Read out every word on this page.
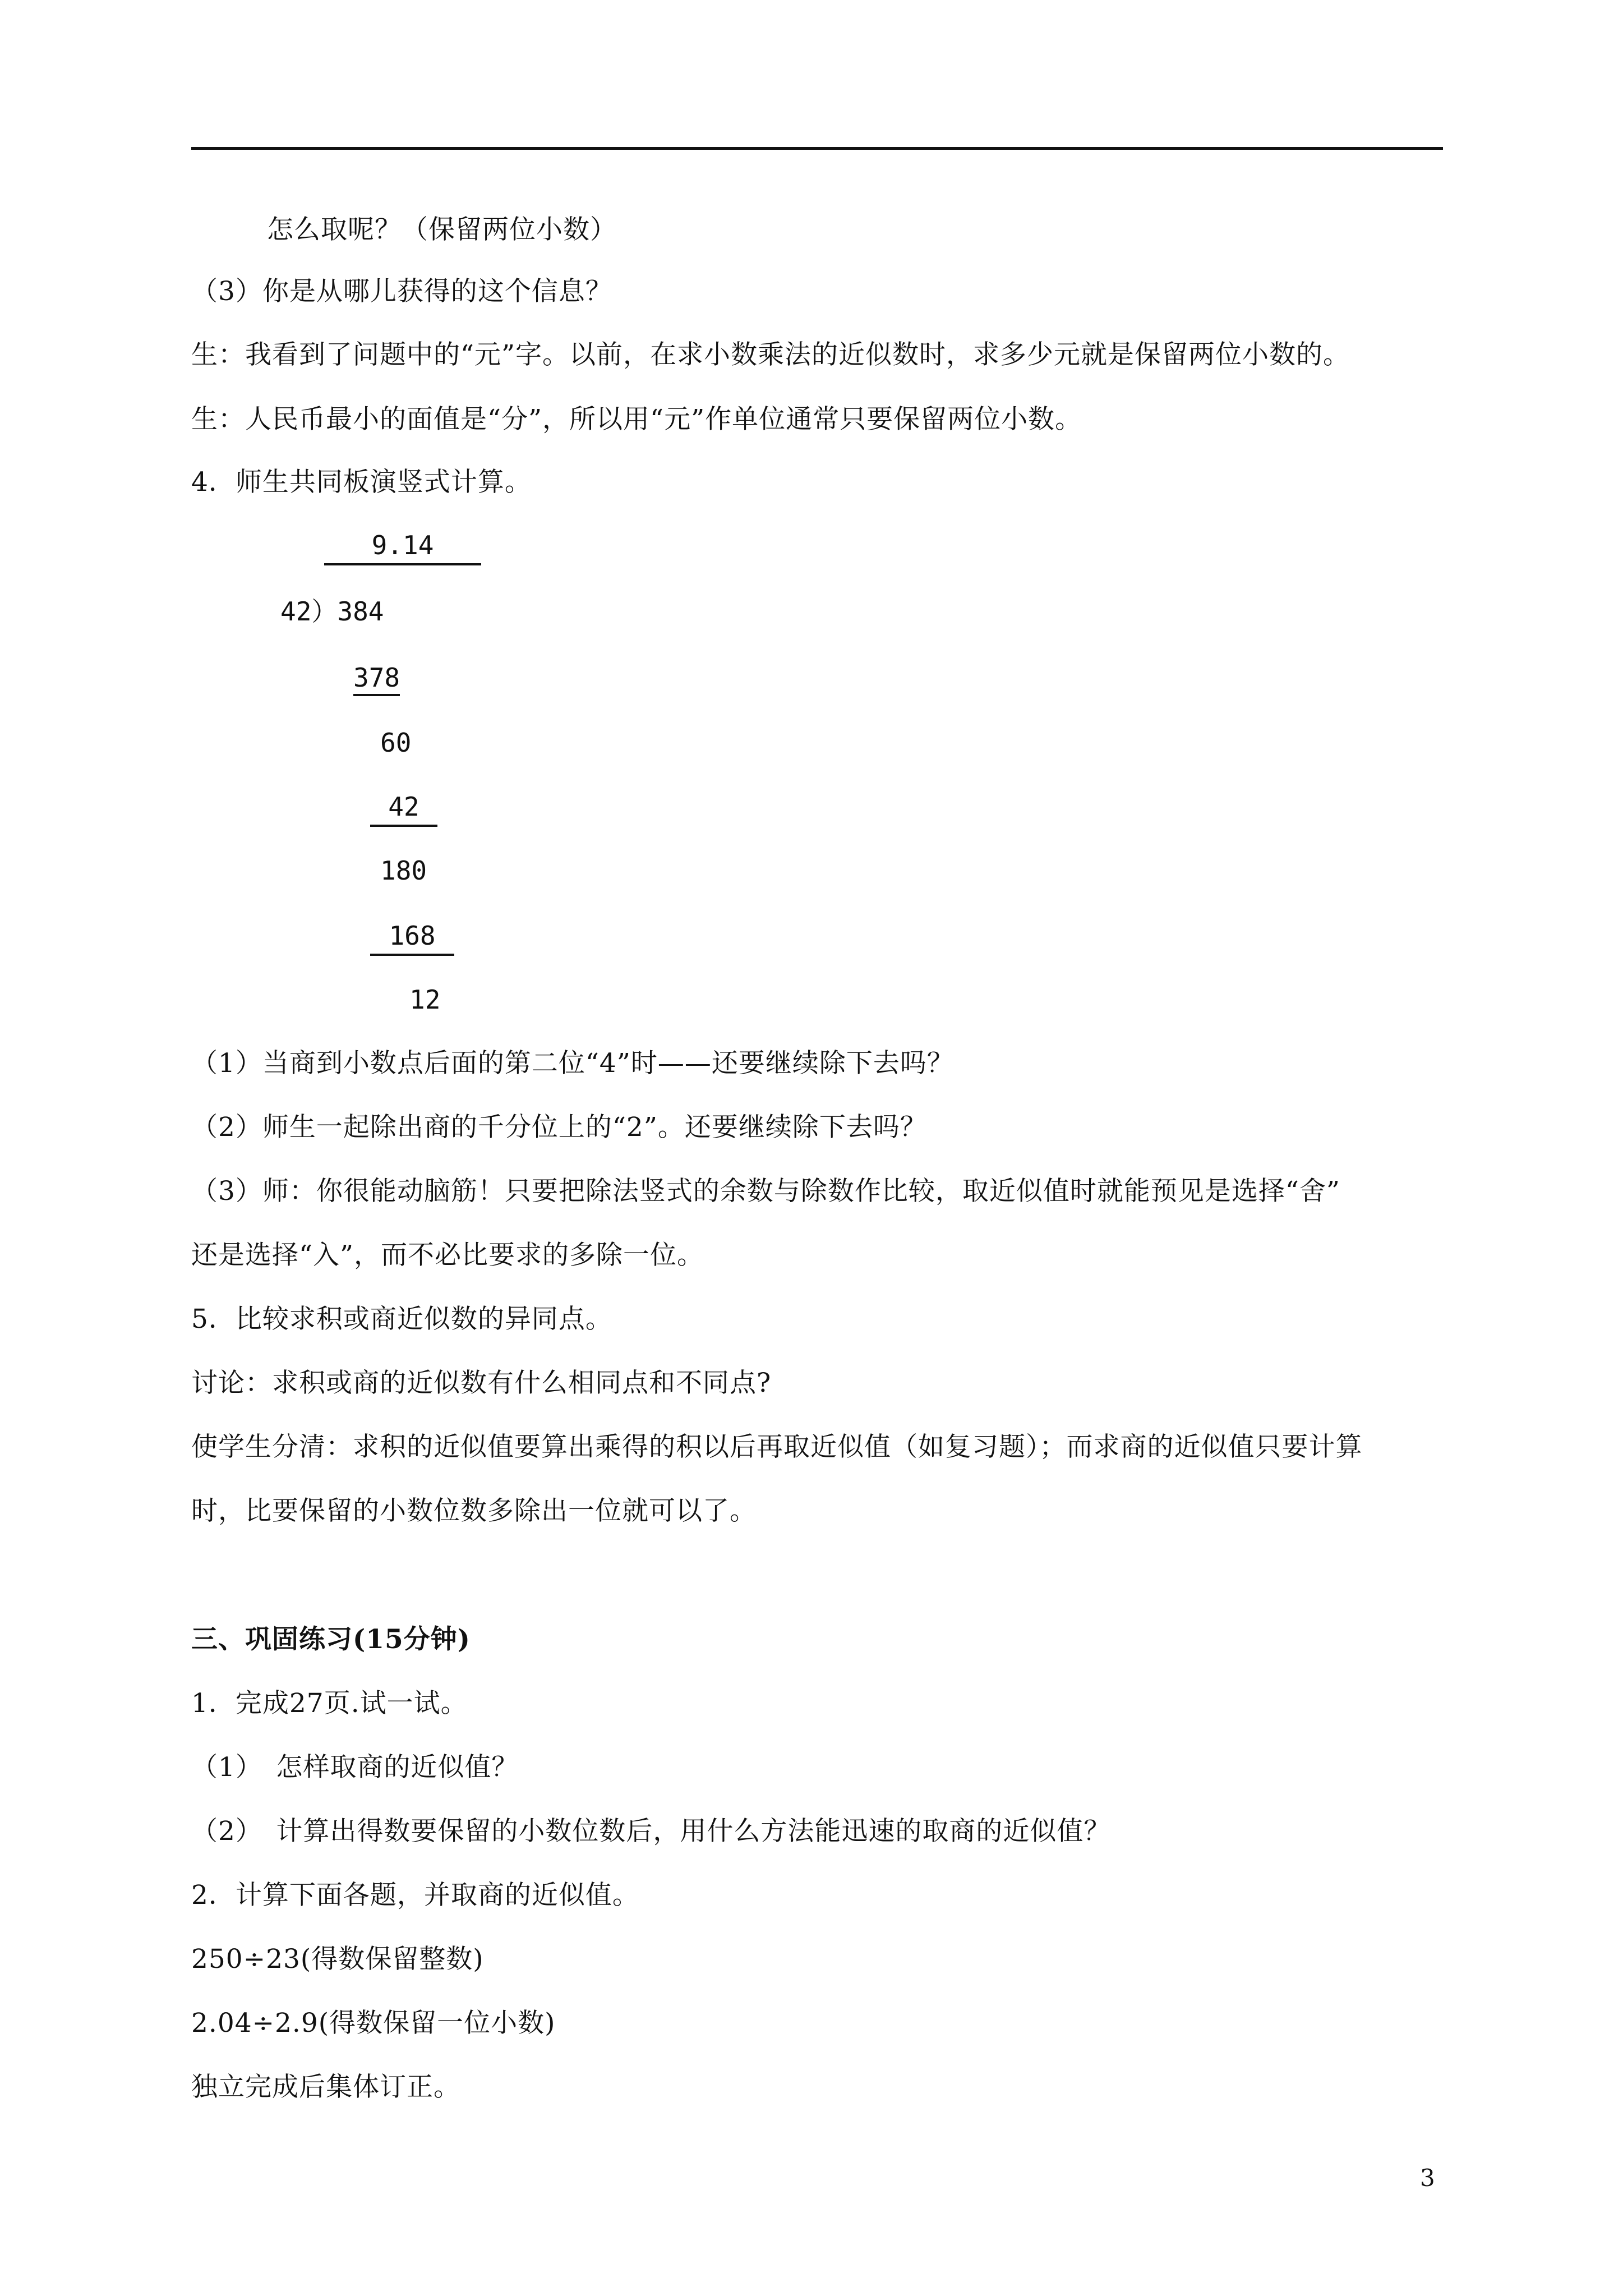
怎么取呢？（保留两位小数）
（3）你是从哪儿获得的这个信息？
生：我看到了问题中的“元”字。以前，在求小数乘法的近似数时，求多少元就是保留两位小数的。
生：人民币最小的面值是“分”，所以用“元”作单位通常只要保留两位小数。
4．师生共同板演竖式计算。
9.14
42）384
378
60
42
180
168
12
（1）当商到小数点后面的第二位“4”时——还要继续除下去吗？
（2）师生一起除出商的千分位上的“2”。还要继续除下去吗？
（3）师：你很能动脑筋！只要把除法竖式的余数与除数作比较，取近似值时就能预见是选择“舍”
还是选择“入”，而不必比要求的多除一位。
5．比较求积或商近似数的异同点。
讨论：求积或商的近似数有什么相同点和不同点?
使学生分清：求积的近似值要算出乘得的积以后再取近似值（如复习题）；而求商的近似值只要计算
时，比要保留的小数位数多除出一位就可以了。
三、巩固练习(15分钟)
1．完成27页.试一试。
（1）　怎样取商的近似值？
（2）　计算出得数要保留的小数位数后，用什么方法能迅速的取商的近似值？
2．计算下面各题，并取商的近似值。
250÷23(得数保留整数)
2.04÷2.9(得数保留一位小数)
独立完成后集体订正。
3
